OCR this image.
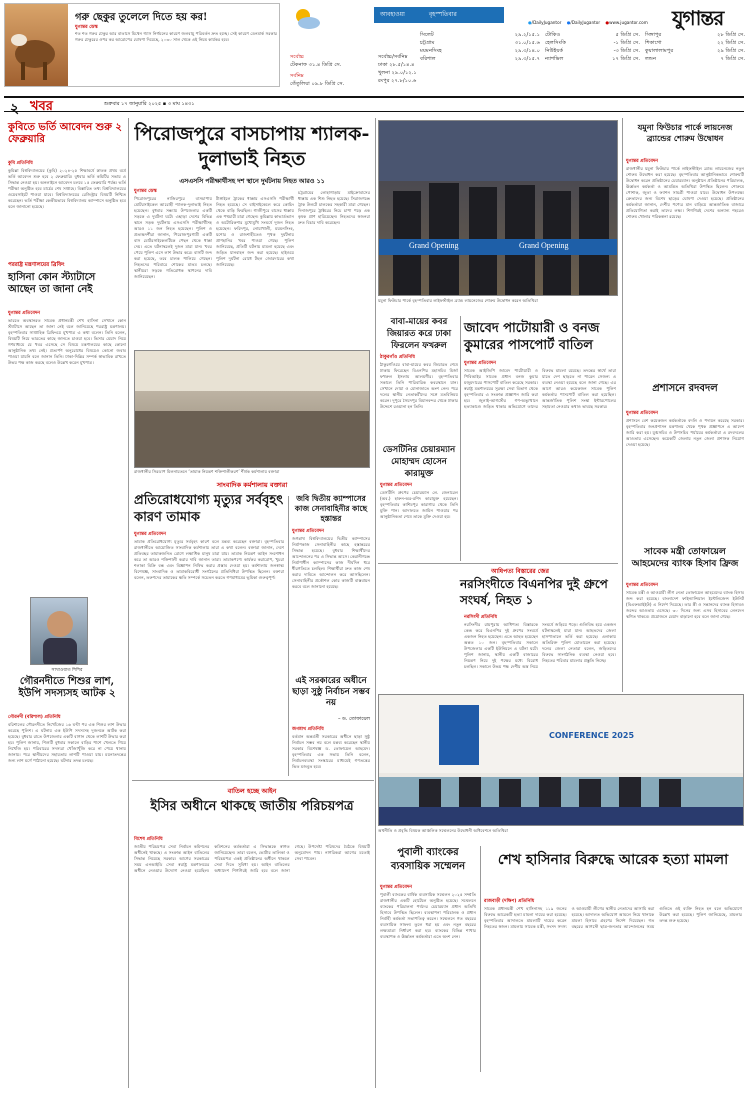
গরু ছেকুর তুলেলে দিতে হয় কর!
যুগান্তর ডেস্ক
শত শত গরুর ঢেকুর আর বাতাসে মিথেন গ্যাস নির্গমনের কারণে জলবায়ু পরিবর্তন দ্রুত হচ্ছে। সেই কারণে ডেনমার্ক সরকার গরুর ঢেকুরের ওপর কর আরোপের ঘোষণা দিয়েছে, ২০৩০ সাল থেকে এই নিয়ম কার্যকর হবে।
আবহাওয়া	বৃহস্পতিবার
সর্বোচ্চ
টেকনাফ ৩১.৪ ডিগ্রি সে.
সর্বনিম্ন
তেঁতুলিয়া ০৯.৮ ডিগ্রি সে.
সর্বোচ্চ/সর্বনিম্ন
ঢাকা ২৮.৫/১৪.৪
খুলনা ২৯.০/১২.১
রংপুর ২৭.৮/১০.৬
সিলেট	২৯.২/১৫.১
চট্টগ্রাম	৩১.০/১৫.৬
ময়মনসিংহ	২৯.৩/১৪.০
বরিশাল	২৯.৩/১৫.৭
টোকিও	৫ ডিগ্রি সে.
হেলসিংকি	-১ ডিগ্রি সে.
নিউইয়র্ক	-৩ ডিগ্রি সে.
ন্যাশভিল	১৭ ডিগ্রি সে.
সিঙ্গাপুর	২৮ ডিগ্রি সে.
শিকাগো	২২ ডিগ্রি সে.
কুয়ালালামপুর	২৯ ডিগ্রি সে.
লন্ডন	৭ ডিগ্রি সে.
যুগান্তর
●/DailyJugantor ●/DailyJugantor ●www.jugantor.com
২ খবর	শুক্রবার ১৭ জানুয়ারি ২০২৫ ▪ ৩ মাঘ ১৪৩১
কুবিতে ভর্তি আবেদন শুরু ২ ফেব্রুয়ারি
কুবি প্রতিনিধি
কুমিল্লা বিশ্ববিদ্যালয়ের (কুবি) ২০২৪-২৫ শিক্ষাবর্ষে স্নাতক প্রথম বর্ষে ভর্তি আবেদন শুরু হবে ২ ফেব্রুয়ারি। বুধবার ভর্তি কমিটির সভায় এ সিদ্ধান্ত নেওয়া হয়। অনলাইনে আবেদন চলবে ১৫ ফেব্রুয়ারি পর্যন্ত। ভর্তি পরীক্ষা অনুষ্ঠিত হবে মার্চের শেষ সপ্তাহে। বিস্তারিত তথ্য বিশ্ববিদ্যালয়ের ওয়েবসাইটে পাওয়া যাবে। বিশ্ববিদ্যালয়ের রেজিস্ট্রার বিষয়টি নিশ্চিত করেছেন। ভর্তি পরীক্ষা কেন্দ্রীয়ভাবে বিশ্ববিদ্যালয় ক্যাম্পাসে অনুষ্ঠিত হবে বলে জানানো হয়েছে।
পররাষ্ট্র মন্ত্রণালয়ের ব্রিফিং
হাসিনা কোন স্ট্যাটাসে আছেন তা জানা নেই
যুগান্তর প্রতিবেদন
ভারতে অবস্থানরত সাবেক প্রধানমন্ত্রী শেখ হাসিনা সেখানে কোন স্ট্যাটাসে আছেন তা জানা নেই বলে জানিয়েছে পররাষ্ট্র মন্ত্রণালয়। বৃহস্পতিবার সাপ্তাহিক ব্রিফিংয়ে মুখপাত্র এ কথা বলেন। তিনি বলেন, বিষয়টি নিয়ে ভারতের কাছে জানতে চাওয়া হবে। ভিসার মেয়াদ নিয়ে গণমাধ্যমে যে খবর এসেছে সে বিষয়ে মন্ত্রণালয়ের কাছে কোনো আনুষ্ঠানিক তথ্য নেই। প্রত্যর্পণ অনুরোধের বিষয়েও কোনো জবাব পাওয়া যায়নি বলে জানান তিনি। ঢাকা-দিল্লির সম্পর্ক স্বাভাবিক রাখতে উভয় পক্ষ কাজ করছে বলেও উল্লেখ করেন মুখপাত্র।
সাখাওয়াত শিশির
গৌরনদীতে শিশুর লাশ, ইউপি সদস্যসহ আটক ২
গৌরনদী (বরিশাল) প্রতিনিধি
বরিশালের গৌরনদীতে নিখোঁজের ১৬ ঘণ্টা পর এক শিশুর লাশ উদ্ধার করেছে পুলিশ। এ ঘটনায় এক ইউপি সদস্যসহ দুজনকে আটক করা হয়েছে। বুধবার রাতে উপজেলার একটি বাগান থেকে লাশটি উদ্ধার করা হয়। পুলিশ জানায়, শিশুটি বুধবার সকালে বাড়ির পাশে খেলতে গিয়ে নিখোঁজ হয়। পরিবারের সদস্যরা খোঁজাখুঁজি করে না পেয়ে থানায় জানায়। পরে স্থানীয়দের সহায়তায় লাশটি পাওয়া যায়। ময়নাতদন্তের জন্য লাশ মর্গে পাঠানো হয়েছে। ঘটনার তদন্ত চলছে।
পিরোজপুরে বাসচাপায় শ্যালক-দুলাভাই নিহত
এসএসসি পরীক্ষার্থীসহ দশ স্থানে দুর্ঘটনায় নিহত আরও ১১
যুগান্তর ডেস্ক
পিরোজপুরের নাজিরপুরে বাসচাপায় মোটরসাইকেল আরোহী শ্যালক-দুলাভাই নিহত হয়েছেন। বুধবার সন্ধ্যায় উপজেলার একটি সড়কে এ দুর্ঘটনা ঘটে। এছাড়া দেশের বিভিন্ন স্থানে সড়ক দুর্ঘটনায় এসএসসি পরীক্ষার্থীসহ আরও ১১ জন নিহত হয়েছেন। পুলিশ ও প্রত্যক্ষদর্শীরা জানান, পিরোজপুরগামী একটি বাস মোটরসাইকেলটিকে পেছন থেকে ধাক্কা দেয়। এতে ঘটনাস্থলেই দুজন মারা যান। খবর পেয়ে পুলিশ এসে লাশ উদ্ধার করে। বাসটি জব্দ করা হয়েছে, তবে চালক পালিয়ে গেছেন। নিহতদের পরিবারে শোকের মাতম চলছে। স্থানীয়রা সড়কে গতিরোধক স্থাপনের দাবি জানিয়েছেন।
টাঙ্গাইলে ট্রাকের ধাক্কায় এসএসসি পরীক্ষার্থী নিহত হয়েছে। সে বাইসাইকেলে করে কোচিং থেকে বাড়ি ফিরছিল। গাজীপুরে বাসের ধাক্কায় এক পথচারী মারা গেছেন। কুমিল্লায় কাভার্ডভ্যান ও অটোরিকশার মুখোমুখি সংঘর্ষে দুজন নিহত হয়েছেন। ফরিদপুর, নোয়াখালী, ময়মনসিংহ, যশোর ও রাজশাহীতেও পৃথক দুর্ঘটনায় প্রাণহানির খবর পাওয়া গেছে। পুলিশ জানিয়েছে, প্রতিটি ঘটনায় মামলা হয়েছে এবং জড়িত যানবাহন জব্দ করা হয়েছে। হাইওয়ে পুলিশ দুর্ঘটনা রোধে টহল জোরদারের কথা জানিয়েছে।
চট্টগ্রামের লোহাগাড়ায় মাইক্রোবাসের ধাক্কায় এক শিশু নিহত হয়েছে। সিরাজগঞ্জে ট্রাক উলটে চালকের সহকারী মারা গেছেন। দিনাজপুরে ট্রাক্টরের নিচে চাপা পড়ে এক কৃষক প্রাণ হারিয়েছেন। নিহতদের স্বজনরা দ্রুত বিচার দাবি করেছেন।
রাজধানীর সিরডাপ মিলনায়তনে ‘তামাক নিয়ন্ত্রণ শক্তিশালীকরণ’ শীর্ষক কর্মশালায় বক্তারা
সাংবাদিক কর্মশালায় বক্তারা
প্রতিরোধযোগ্য মৃত্যুর সর্ববৃহৎ কারণ তামাক
যুগান্তর প্রতিবেদন
তামাক প্রতিরোধযোগ্য মৃত্যুর সর্ববৃহৎ কারণ বলে মন্তব্য করেছেন বক্তারা। বৃহস্পতিবার রাজধানীতে আয়োজিত সাংবাদিক কর্মশালায় তারা এ কথা বলেন। বক্তারা জানান, দেশে প্রতিবছর তামাকজনিত রোগে লক্ষাধিক মানুষ মারা যায়। তামাক নিয়ন্ত্রণ আইন সংশোধন করে তা আরও শক্তিশালী করার দাবি জানান তারা। তামাকপণ্যে কার্যকর করারোপ, খুচরা শলাকা বিক্রি বন্ধ এবং বিজ্ঞাপন নিষিদ্ধ করার প্রস্তাব দেওয়া হয়। কর্মশালায় জনস্বাস্থ্য বিশেষজ্ঞ, সাংবাদিক ও তামাকবিরোধী সংগঠনের প্রতিনিধিরা উপস্থিত ছিলেন। বক্তারা বলেন, তরুণদের তামাকের ক্ষতি সম্পর্কে সচেতন করতে গণমাধ্যমের ভূমিকা গুরুত্বপূর্ণ।
জবি দ্বিতীয় ক্যাম্পাসের কাজ সেনাবাহিনীর কাছে হস্তান্তর
যুগান্তর প্রতিবেদন
জগন্নাথ বিশ্ববিদ্যালয়ের দ্বিতীয় ক্যাম্পাসের নির্মাণকাজ সেনাবাহিনীর কাছে হস্তান্তরের সিদ্ধান্ত হয়েছে। বুধবার শিক্ষার্থীদের আন্দোলনের পর এ সিদ্ধান্ত আসে। কেরানীগঞ্জে নির্মাণাধীন ক্যাম্পাসের কাজ দীর্ঘদিন ধরে ধীরগতিতে চলছিল। শিক্ষার্থীরা দ্রুত কাজ শেষ করার দাবিতে আন্দোলন করে আসছিলেন। সেনাবাহিনীর প্রকৌশল কোর কাজটি বাস্তবায়ন করবে বলে জানানো হয়েছে।
এই সরকারের অধীনে ছাড়া সুষ্ঠু নির্বাচন সম্ভব নয়
– ড. তোফায়েল
জগন্নাথ প্রতিনিধি
বর্তমান অন্তর্বর্তী সরকারের অধীনে ছাড়া সুষ্ঠু নির্বাচন সম্ভব নয় বলে মন্তব্য করেছেন স্থানীয় সরকার বিশেষজ্ঞ ড. তোফায়েল আহমেদ। বৃহস্পতিবার এক সভায় তিনি বলেন, নির্বাচনব্যবস্থা সংস্কারের মাধ্যমেই গণতন্ত্রের ভিত মজবুত হবে।
বাতিল হচ্ছে আইন
ইসির অধীনে থাকছে জাতীয় পরিচয়পত্র
বিশেষ প্রতিনিধি
জাতীয় পরিচয়পত্র সেবা নির্বাচন কমিশনের অধীনেই থাকছে। এ সংক্রান্ত আইন বাতিলের সিদ্ধান্ত নিয়েছে সরকার। আগের সরকারের সময় এনআইডি সেবা স্বরাষ্ট্র মন্ত্রণালয়ের অধীনে নেওয়ার উদ্যোগ নেওয়া হয়েছিল। কমিশনের কর্মকর্তারা এ সিদ্ধান্তকে স্বাগত জানিয়েছেন। তারা বলেন, ভোটার তালিকা ও পরিচয়পত্র একই প্রতিষ্ঠানের অধীনে থাকলে সেবা দিতে সুবিধা হয়। আইন বাতিলের অধ্যাদেশ শিগগিরই জারি হবে বলে জানা গেছে। উপদেষ্টা পরিষদের বৈঠকে বিষয়টি অনুমোদন পায়। নাগরিকরা আগের মতোই সেবা পাবেন।
Grand Opening	Grand Opening
যমুনা ফিউচার পার্কে বৃহস্পতিবার লাইফস্টাইল ব্র্যান্ড লায়নেজের শোরুম উদ্বোধন করেন অতিথিরা
বাবা-মায়ের কবর জিয়ারত করে ঢাকা ফিরলেন ফখরুল
ঠাকুরগাঁও প্রতিনিধি
ঠাকুরগাঁওয়ে বাবা-মায়ের কবর জিয়ারত শেষে ঢাকায় ফিরেছেন বিএনপির মহাসচিব মির্জা ফখরুল ইসলাম আলমগীর। বৃহস্পতিবার সকালে তিনি পারিবারিক কবরস্থানে যান। সেখানে দোয়া ও মোনাজাতে অংশ নেন। পরে দলের স্থানীয় নেতাকর্মীদের সঙ্গে মতবিনিময় করেন। দুপুরে সৈয়দপুর বিমানবন্দর থেকে ঢাকার উদ্দেশে রওয়ানা হন তিনি।
ডেসটিনির চেয়ারম্যান মোহাম্মদ হোসেন কারামুক্ত
যুগান্তর প্রতিবেদন
ডেসটিনি গ্রুপের চেয়ারম্যান লে. জেনারেল (অব.) হারুন-অর-রশিদ কারামুক্ত হয়েছেন। বৃহস্পতিবার কাশিমপুর কারাগার থেকে তিনি মুক্তি পান। আদালতে জামিন পাওয়ার পর আনুষ্ঠানিকতা শেষে তাকে মুক্তি দেওয়া হয়।
জাবেদ পাটোয়ারী ও বনজ কুমারের পাসপোর্ট বাতিল
যুগান্তর প্রতিবেদন
সাবেক আইজিপি জাবেদ পাটোয়ারী ও পিবিআইর সাবেক প্রধান বনজ কুমার মজুমদারের পাসপোর্ট বাতিল করেছে সরকার। স্বরাষ্ট্র মন্ত্রণালয়ের সুরক্ষা সেবা বিভাগ থেকে বৃহস্পতিবার এ সংক্রান্ত প্রজ্ঞাপন জারি করা হয়। জুলাই-আগস্টের গণ-অভ্যুত্থানে হত্যাকাণ্ডে জড়িত থাকার অভিযোগে তাদের বিরুদ্ধে মামলা রয়েছে। তদন্তের স্বার্থে তারা যাতে দেশ ছাড়তে না পারেন সেজন্য এ ব্যবস্থা নেওয়া হয়েছে বলে জানা গেছে। এর আগে আরও কয়েকজন সাবেক পুলিশ কর্মকর্তার পাসপোর্ট বাতিল করা হয়েছিল। আন্তর্জাতিক পুলিশ সংস্থা ইন্টারপোলের সহায়তা নেওয়ার কথাও ভাবছে সরকার।
আধিপত্য বিস্তারের জের
নরসিংদীতে বিএনপির দুই গ্রুপে সংঘর্ষ, নিহত ১
নরসিংদী প্রতিনিধি
নরসিংদীর রায়পুরায় আধিপত্য বিস্তারকে কেন্দ্র করে বিএনপির দুই গ্রুপের সংঘর্ষে একজন নিহত হয়েছেন। এতে আহত হয়েছেন অন্তত ১০ জন। বৃহস্পতিবার সকালে উপজেলার একটি ইউনিয়নে এ ঘটনা ঘটে। পুলিশ জানায়, স্থানীয় একটি বাজারের নিয়ন্ত্রণ নিয়ে দুই পক্ষের মধ্যে বিরোধ চলছিল। সকালে উভয় পক্ষ দেশীয় অস্ত্র নিয়ে সংঘর্ষে জড়িয়ে পড়ে। গুলিবিদ্ধ হয়ে একজন ঘটনাস্থলেই মারা যান। আহতদের জেলা হাসপাতালে ভর্তি করা হয়েছে। এলাকায় অতিরিক্ত পুলিশ মোতায়েন করা হয়েছে। দলের জেলা নেতারা বলেন, জড়িতদের বিরুদ্ধে সাংগঠনিক ব্যবস্থা নেওয়া হবে। নিহতের পরিবার মামলার প্রস্তুতি নিচ্ছে।
CONFERENCE 2025
অর্থনীতি ও প্রবৃদ্ধি বিষয়ক আঞ্চলিক সম্মেলনের উদ্বোধনী অধিবেশনে অতিথিরা
পুবালী ব্যাংকের ব্যবসায়িক সম্মেলন
যুগান্তর প্রতিবেদন
পুবালী ব্যাংকের বার্ষিক ব্যবসায়িক সম্মেলন ২০২৫ সম্প্রতি রাজধানীর একটি হোটেলে অনুষ্ঠিত হয়েছে। সম্মেলনে ব্যাংকের পরিচালনা পর্ষদের চেয়ারম্যান প্রধান অতিথি হিসাবে উপস্থিত ছিলেন। ব্যবস্থাপনা পরিচালক ও প্রধান নির্বাহী কর্মকর্তা সভাপতিত্ব করেন। সম্মেলনে গত বছরের ব্যবসায়িক সাফল্য তুলে ধরা হয় এবং নতুন বছরের লক্ষ্যমাত্রা নির্ধারণ করা হয়। ব্যাংকের বিভিন্ন শাখার ব্যবস্থাপক ও ঊর্ধ্বতন কর্মকর্তারা এতে অংশ নেন।
শেখ হাসিনার বিরুদ্ধে আরেক হত্যা মামলা
রাজবাড়ী (দক্ষিণ) প্রতিনিধি
সাবেক প্রধানমন্ত্রী শেখ হাসিনাসহ ১১৯ জনের বিরুদ্ধে আরেকটি হত্যা মামলা দায়ের করা হয়েছে। বৃহস্পতিবার আদালতে মামলাটি দায়ের করেন নিহতের স্বজন। মামলায় সাবেক মন্ত্রী, সংসদ সদস্য ও আওয়ামী লীগের স্থানীয় নেতাদের আসামি করা হয়েছে। আদালত অভিযোগ আমলে নিয়ে থানাকে মামলা হিসাবে গ্রহণের নির্দেশ দিয়েছেন। গত বছরের আগস্টে ছাত্র-জনতার আন্দোলনের সময় গুলিতে ওই ব্যক্তি নিহত হন বলে অভিযোগে উল্লেখ করা হয়েছে। পুলিশ জানিয়েছে, মামলার তদন্ত শুরু হয়েছে।
যমুনা ফিউচার পার্কে লায়নেজ ব্র্যান্ডের শোরুম উদ্বোধন
যুগান্তর প্রতিবেদন
রাজধানীর যমুনা ফিউচার পার্কে লাইফস্টাইল ব্র্যান্ড লায়নেজের নতুন শোরুম উদ্বোধন করা হয়েছে। বৃহস্পতিবার আনুষ্ঠানিকভাবে শোরুমটি উদ্বোধন করেন প্রতিষ্ঠানের চেয়ারম্যান। অনুষ্ঠানে প্রতিষ্ঠানের পরিচালক, ঊর্ধ্বতন কর্মকর্তা ও আমন্ত্রিত অতিথিরা উপস্থিত ছিলেন। শোরুমে পোশাক, জুতা ও ফ্যাশন সামগ্রী পাওয়া যাবে। উদ্বোধন উপলক্ষ্যে ক্রেতাদের জন্য বিশেষ ছাড়ের ঘোষণা দেওয়া হয়েছে। প্রতিষ্ঠানের কর্মকর্তারা জানান, দেশীয় পণ্যের মান বাড়িয়ে আন্তর্জাতিক বাজারে প্রতিযোগিতা করাই তাদের লক্ষ্য। শিগগিরই দেশের অন্যান্য শহরেও শোরুম খোলার পরিকল্পনা রয়েছে।
প্রশাসনে রদবদল
যুগান্তর প্রতিবেদন
প্রশাসনে বেশ কয়েকজন কর্মকর্তাকে বদলি ও পদায়ন করেছে সরকার। বৃহস্পতিবার জনপ্রশাসন মন্ত্রণালয় থেকে পৃথক প্রজ্ঞাপনে এ আদেশ জারি করা হয়। যুগ্মসচিব ও উপসচিব পর্যায়ের কর্মকর্তারা এ রদবদলের আওতায় এসেছেন। কয়েকটি জেলায় নতুন জেলা প্রশাসক নিয়োগ দেওয়া হয়েছে।
সাবেক মন্ত্রী তোফায়েল আহমেদের ব্যাংক হিসাব ফ্রিজ
যুগান্তর প্রতিবেদন
সাবেক মন্ত্রী ও আওয়ামী লীগ নেতা তোফায়েল আহমেদের ব্যাংক হিসাব জব্দ করা হয়েছে। বাংলাদেশ ফাইন্যান্সিয়াল ইন্টেলিজেন্স ইউনিট (বিএফআইইউ) এ নির্দেশ দিয়েছে। তার স্ত্রী ও সন্তানদের ব্যাংক হিসাবও জব্দের আওতায় এসেছে। ৩০ দিনের জন্য এসব হিসাবের লেনদেন স্থগিত থাকবে। প্রয়োজনে মেয়াদ বাড়ানো হবে বলে জানা গেছে।
